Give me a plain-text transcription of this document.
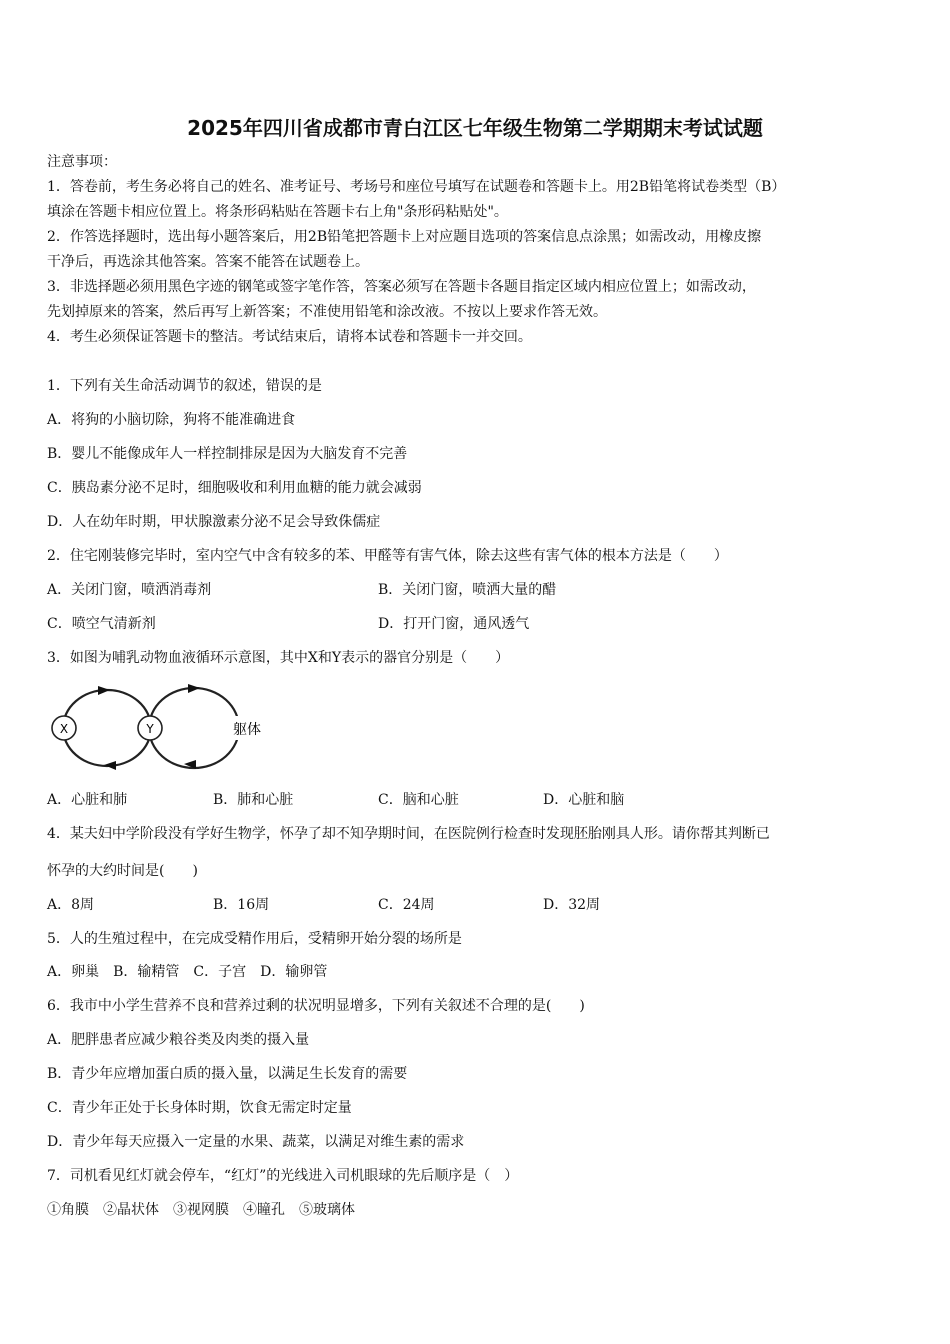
2025年四川省成都市青白江区七年级生物第二学期期末考试试题
注意事项：
1．答卷前，考生务必将自己的姓名、准考证号、考场号和座位号填写在试题卷和答题卡上。用2B铅笔将试卷类型（B）
填涂在答题卡相应位置上。将条形码粘贴在答题卡右上角"条形码粘贴处"。
2．作答选择题时，选出每小题答案后，用2B铅笔把答题卡上对应题目选项的答案信息点涂黑；如需改动，用橡皮擦
干净后，再选涂其他答案。答案不能答在试题卷上。
3．非选择题必须用黑色字迹的钢笔或签字笔作答，答案必须写在答题卡各题目指定区域内相应位置上；如需改动，
先划掉原来的答案，然后再写上新答案；不准使用铅笔和涂改液。不按以上要求作答无效。
4．考生必须保证答题卡的整洁。考试结束后，请将本试卷和答题卡一并交回。
1．下列有关生命活动调节的叙述，错误的是
A．将狗的小脑切除，狗将不能准确进食
B．婴儿不能像成年人一样控制排尿是因为大脑发育不完善
C．胰岛素分泌不足时，细胞吸收和利用血糖的能力就会减弱
D．人在幼年时期，甲状腺激素分泌不足会导致侏儒症
2．住宅刚装修完毕时，室内空气中含有较多的苯、甲醛等有害气体，除去这些有害气体的根本方法是（　　）
A．关闭门窗，喷洒消毒剂	B．关闭门窗，喷洒大量的醋
C．喷空气清新剂	D．打开门窗，通风透气
3．如图为哺乳动物血液循环示意图，其中X和Y表示的器官分别是（　　）
X	Y	躯体
A．心脏和肺	B．肺和心脏	C．脑和心脏	D．心脏和脑
4．某夫妇中学阶段没有学好生物学，怀孕了却不知孕期时间，在医院例行检查时发现胚胎刚具人形。请你帮其判断已
怀孕的大约时间是(　　)
A．8周	B．16周	C．24周	D．32周
5．人的生殖过程中，在完成受精作用后，受精卵开始分裂的场所是
A．卵巢　B．输精管　C．子宫　D．输卵管
6．我市中小学生营养不良和营养过剩的状况明显增多，下列有关叙述不合理的是(　　)
A．肥胖患者应减少粮谷类及肉类的摄入量
B．青少年应增加蛋白质的摄入量，以满足生长发育的需要
C．青少年正处于长身体时期，饮食无需定时定量
D．青少年每天应摄入一定量的水果、蔬菜，以满足对维生素的需求
7．司机看见红灯就会停车，“红灯”的光线进入司机眼球的先后顺序是（　）
①角膜　②晶状体　③视网膜　④瞳孔　⑤玻璃体
